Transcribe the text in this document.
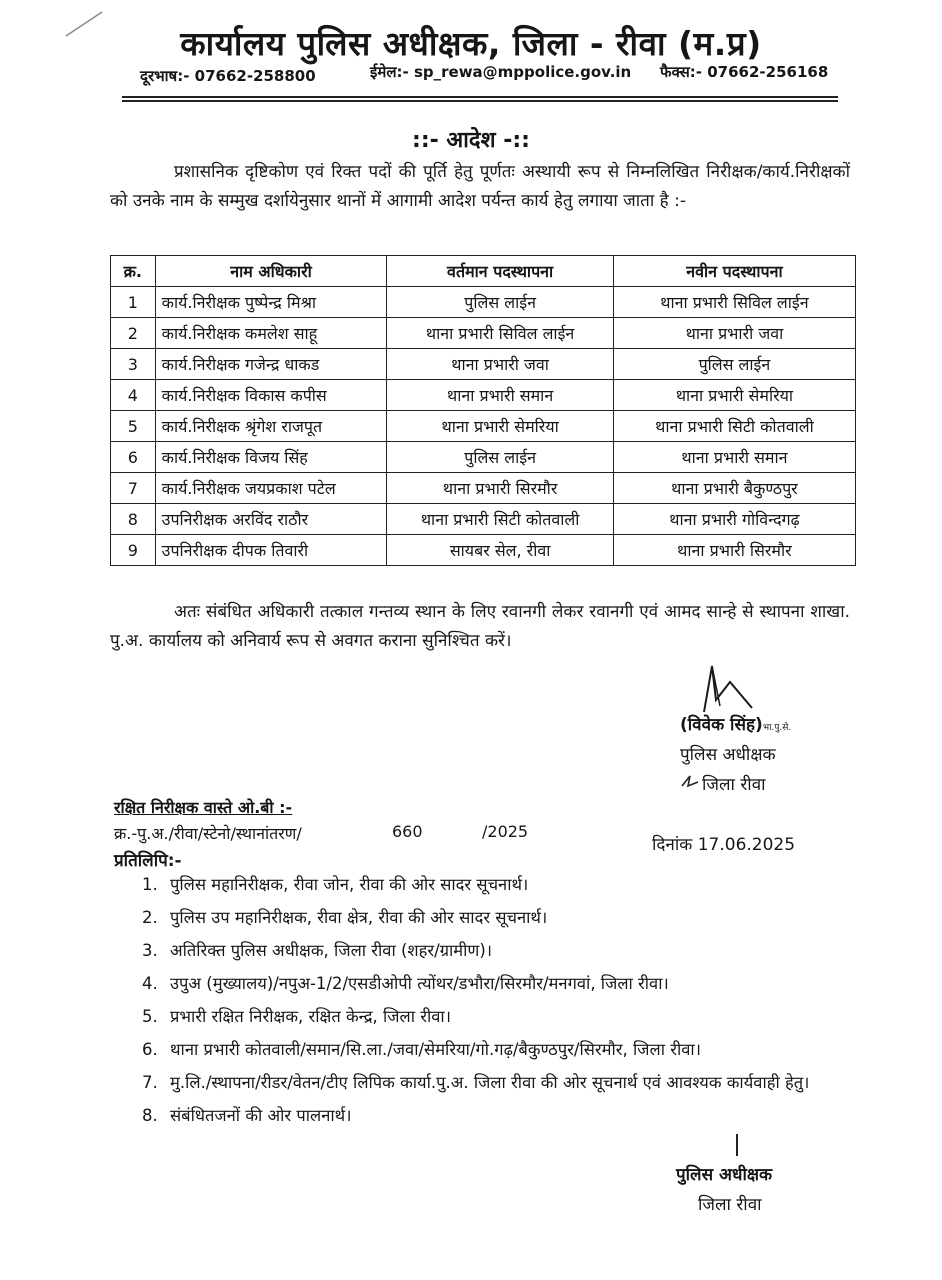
कार्यालय पुलिस अधीक्षक, जिला - रीवा (म.प्र)
दूरभाष:- 07662-258800	ईमेल:- sp_rewa@mppolice.gov.in फैक्स:- 07662-256168
::- आदेश -::

प्रशासनिक दृष्टिकोण एवं रिक्त पदों की पूर्ति हेतु पूर्णतः अस्थायी रूप से निम्नलिखित निरीक्षक/कार्य.निरीक्षकों को उनके नाम के सम्मुख दर्शायेनुसार थानों में आगामी आदेश पर्यन्त कार्य हेतु लगाया जाता है :-

क्र.	नाम अधिकारी	वर्तमान पदस्थापना	नवीन पदस्थापना
1	कार्य.निरीक्षक पुष्पेन्द्र मिश्रा	पुलिस लाईन	थाना प्रभारी सिविल लाईन
2	कार्य.निरीक्षक कमलेश साहू	थाना प्रभारी सिविल लाईन	थाना प्रभारी जवा
3	कार्य.निरीक्षक गजेन्द्र धाकड	थाना प्रभारी जवा	पुलिस लाईन
4	कार्य.निरीक्षक विकास कपीस	थाना प्रभारी समान	थाना प्रभारी सेमरिया
5	कार्य.निरीक्षक श्रृंगेश राजपूत	थाना प्रभारी सेमरिया	थाना प्रभारी सिटी कोतवाली
6	कार्य.निरीक्षक विजय सिंह	पुलिस लाईन	थाना प्रभारी समान
7	कार्य.निरीक्षक जयप्रकाश पटेल	थाना प्रभारी सिरमौर	थाना प्रभारी बैकुण्ठपुर
8	उपनिरीक्षक अरविंद राठौर	थाना प्रभारी सिटी कोतवाली	थाना प्रभारी गोविन्दगढ़
9	उपनिरीक्षक दीपक तिवारी	सायबर सेल, रीवा	थाना प्रभारी सिरमौर

अतः संबंधित अधिकारी तत्काल गन्तव्य स्थान के लिए रवानगी लेकर रवानगी एवं आमद सान्हे से स्थापना शाखा. पु.अ. कार्यालय को अनिवार्य रूप से अवगत कराना सुनिश्चित करें।

(विवेक सिंह)भा.पु.से.
पुलिस अधीक्षक
जिला रीवा
रक्षित निरीक्षक वास्ते ओ.बी :-
क्र.-पु.अ./रीवा/स्टेनो/स्थानांतरण/	660	/2025
दिनांक 17.06.2025
प्रतिलिपि:-
1. पुलिस महानिरीक्षक, रीवा जोन, रीवा की ओर सादर सूचनार्थ।
2. पुलिस उप महानिरीक्षक, रीवा क्षेत्र, रीवा की ओर सादर सूचनार्थ।
3. अतिरिक्त पुलिस अधीक्षक, जिला रीवा (शहर/ग्रामीण)।
4. उपुअ (मुख्यालय)/नपुअ-1/2/एसडीओपी त्योंथर/डभौरा/सिरमौर/मनगवां, जिला रीवा।
5. प्रभारी रक्षित निरीक्षक, रक्षित केन्द्र, जिला रीवा।
6. थाना प्रभारी कोतवाली/समान/सि.ला./जवा/सेमरिया/गो.गढ़/बैकुण्ठपुर/सिरमौर, जिला रीवा।
7. मु.लि./स्थापना/रीडर/वेतन/टीए लिपिक कार्या.पु.अ. जिला रीवा की ओर सूचनार्थ एवं आवश्यक कार्यवाही हेतु।
8. संबंधितजनों की ओर पालनार्थ।
पुलिस अधीक्षक
जिला रीवा
